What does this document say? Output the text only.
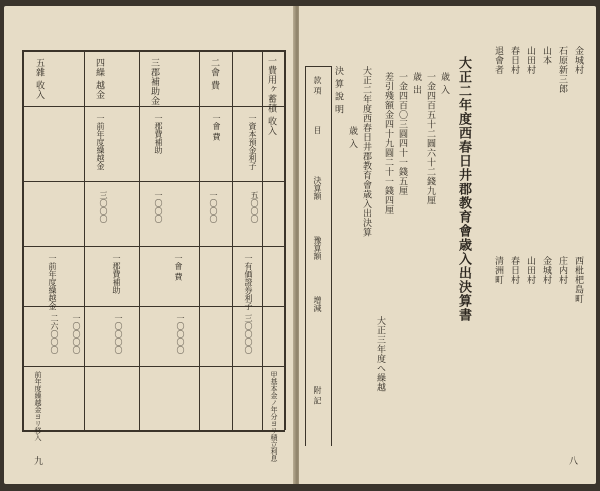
一費用ヶ蓄積 收入
二會 費
三郡補助金
四繰 越金
五雜 收入
一資本預金利子
一會 費
一郡費補助
一前年度繰越金
五〇〇〇
一〇〇〇
一〇〇〇
三〇〇〇
一有価證券利子
一會 費
一郡費補助
一前年度繰越金
三〇〇〇〇
一〇〇〇〇
一〇〇〇〇
一〇〇〇〇
二六〇〇〇
甲基本金ノ年分ヨリ積立利息
前年度繰越金ヨリ移入
九
金城村
石原新三郎
山本
山田村
春日村
退會者
西枇杷島町
庄内村
金城村
山田村
春日村
清洲町
大正二年度西春日井郡教育會歳入出決算書
歳 入
一金四百五十二圓六十二錢九厘
歳 出
一金四百〇三圓四十一錢五厘
差引殘額金四十九圓二十一錢四厘
大正二年度西春日井郡教育會歳入出決算
歳 入
決 算 說 明
款 項
目
決算額
豫算額
增減
附 記
大正三年度へ繰越
八
